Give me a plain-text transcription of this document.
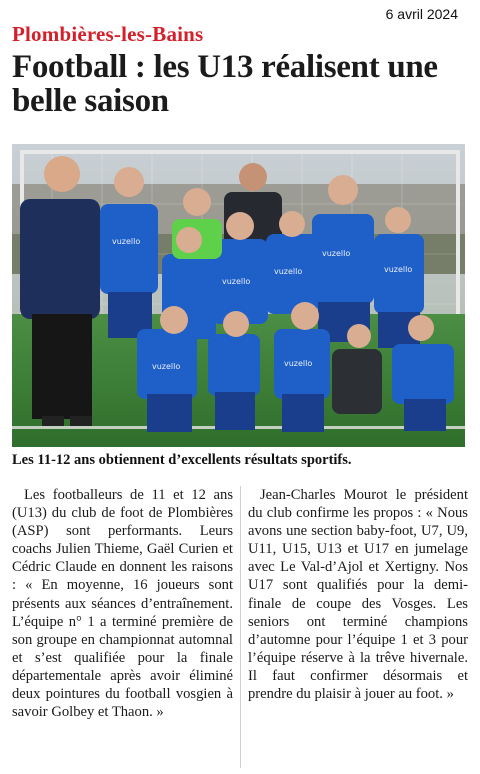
6 avril 2024
Plombières-les-Bains
Football : les U13 réalisent une belle saison
vuzello
vuzello
vuzello
vuzello	vuzello
vuzello	vuzello
Les 11-12 ans obtiennent d’excellents résultats sportifs.

Les footballeurs de 11 et 12 ans (U13) du club de foot de Plombières (ASP) sont performants. Leurs coachs Julien Thieme, Gaël Curien et Cédric Claude en donnent les raisons : « En moyenne, 16 joueurs sont présents aux séances d’entraînement. L’équipe n° 1 a terminé première de son groupe en championnat automnal et s’est qualifiée pour la finale départementale après avoir éliminé deux pointures du football vosgien à savoir Golbey et Thaon. »

Jean-Charles Mourot le président du club confirme les propos : « Nous avons une section baby-foot, U7, U9, U11, U15, U13 et U17 en jumelage avec Le Val-d’Ajol et Xertigny. Nos U17 sont qualifiés pour la demi-finale de coupe des Vosges. Les seniors ont terminé champions d’automne pour l’équipe 1 et 3 pour l’équipe réserve à la trêve hivernale. Il faut confirmer désormais et prendre du plaisir à jouer au foot. »
